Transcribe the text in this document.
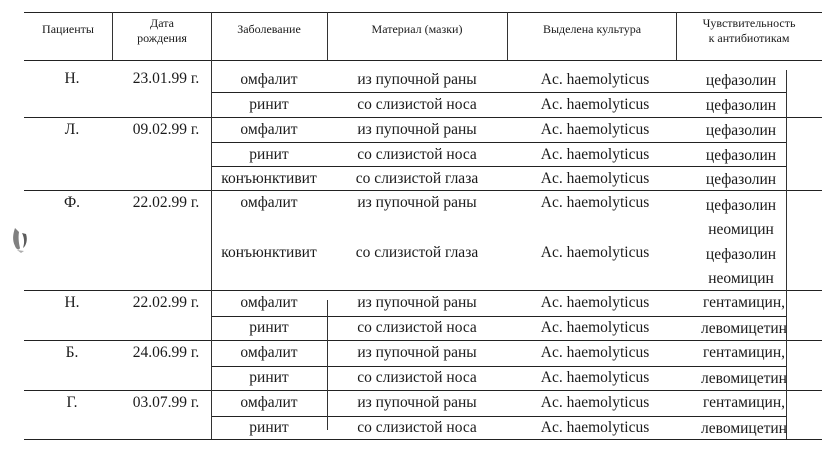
Пациенты	Дата
рождения
Заболевание	Материал (мазки)	Выделена культура	Чувствительность
к антибиотикам
Н.	23.01.99 г.	омфалит	из пупочной раны	Ac. haemolyticus	цефазолин
ринит	со слизистой носа	Ac. haemolyticus	цефазолин
Л.	09.02.99 г.	омфалит	из пупочной раны	Ac. haemolyticus	цефазолин
ринит	со слизистой носа	Ac. haemolyticus	цефазолин
конъюнктивит	со слизистой глаза	Ac. haemolyticus	цефазолин
Ф.	22.02.99 г.	омфалит	из пупочной раны	Ac. haemolyticus	цефазолин
неомицин
конъюнктивит	со слизистой глаза	Ac. haemolyticus	цефазолин
неомицин
Н.	22.02.99 г.	омфалит	из пупочной раны	Ac. haemolyticus	гентамицин,
ринит	со слизистой носа	Ac. haemolyticus	левомицетин
Б.	24.06.99 г.	омфалит	из пупочной раны	Ac. haemolyticus	гентамицин,
ринит	со слизистой носа	Ac. haemolyticus	левомицетин
Г.	03.07.99 г.	омфалит	из пупочной раны	Ac. haemolyticus	гентамицин,
ринит	со слизистой носа	Ac. haemolyticus	левомицетин
